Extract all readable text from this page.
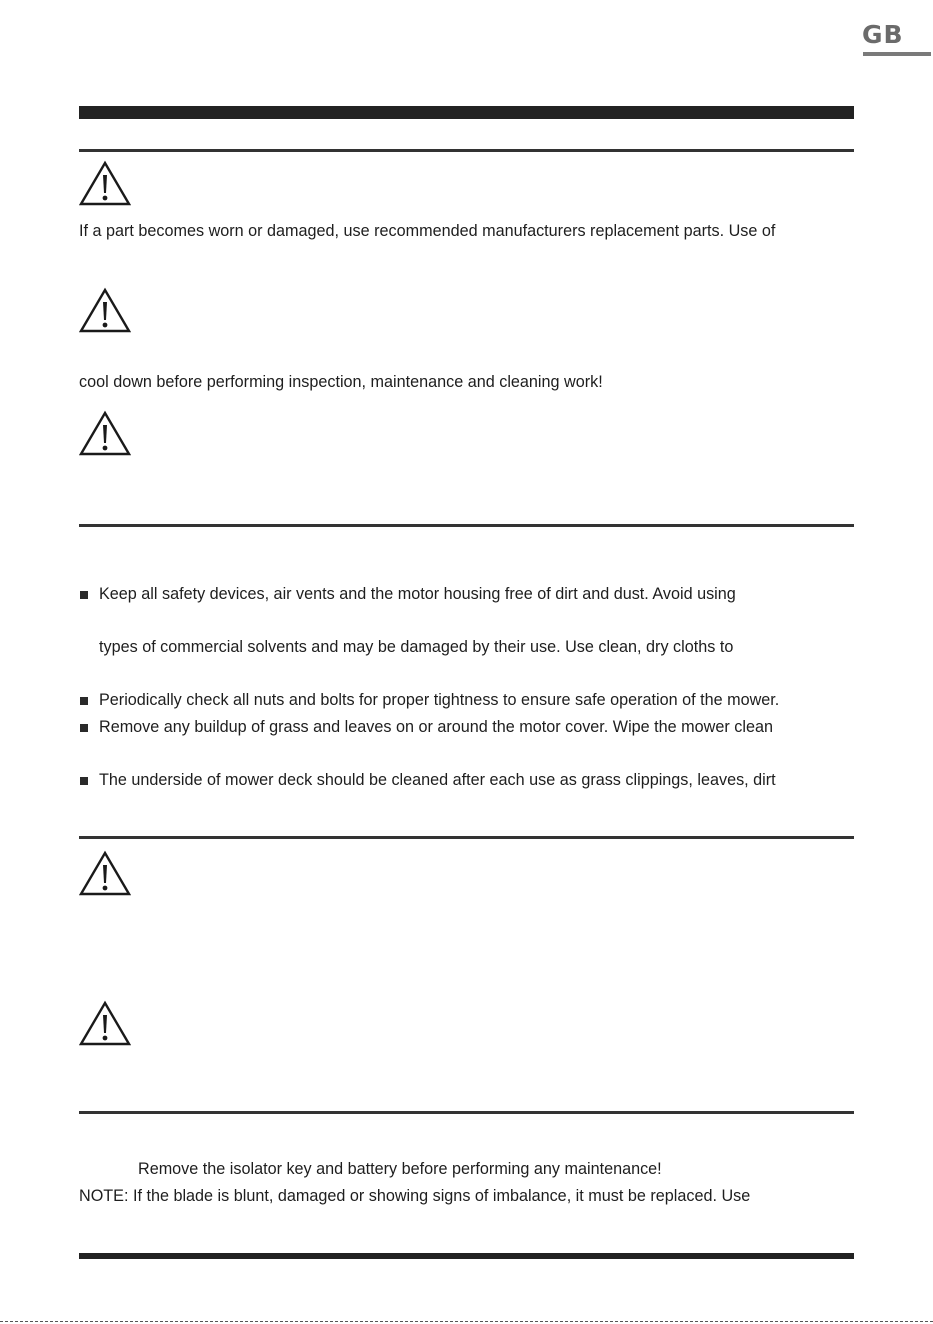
GB
If a part becomes worn or damaged, use recommended manufacturers replacement parts. Use of
cool down before performing inspection, maintenance and cleaning work!
Keep all safety devices, air vents and the motor housing free of dirt and dust. Avoid using
types of commercial solvents and may be damaged by their use. Use clean, dry cloths to
Periodically check all nuts and bolts for proper tightness to ensure safe operation of the mower.
Remove any buildup of grass and leaves on or around the motor cover. Wipe the mower clean
The underside of mower deck should be cleaned after each use as grass clippings, leaves, dirt
Remove the isolator key and battery before performing any maintenance!
NOTE: If the blade is blunt, damaged or showing signs of imbalance, it must be replaced. Use
